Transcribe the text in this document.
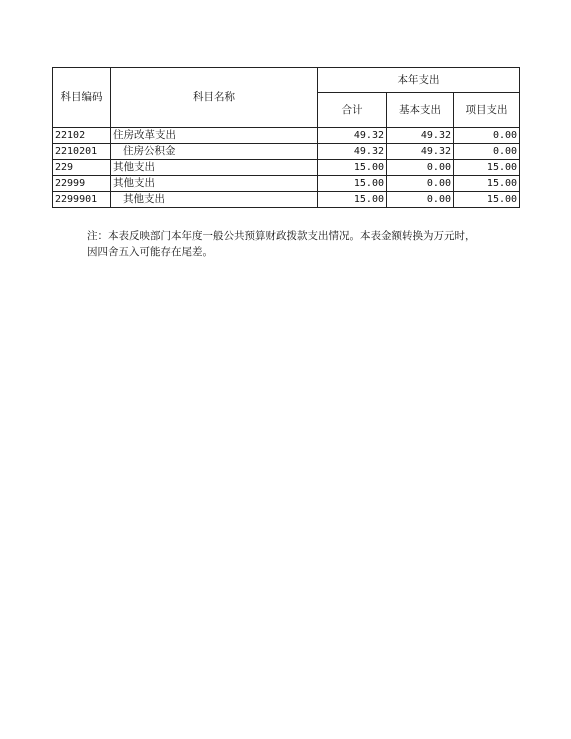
科目编码	科目名称	本年支出		
		合计	基本支出	项目支出
22102	住房改革支出	49.32	49.32	0.00
2210201	住房公积金	49.32	49.32	0.00
229	其他支出	15.00	0.00	15.00
22999	其他支出	15.00	0.00	15.00
2299901	其他支出	15.00	0.00	15.00
注：本表反映部门本年度一般公共预算财政拨款支出情况。本表金额转换为万元时，因四舍五入可能存在尾差。
